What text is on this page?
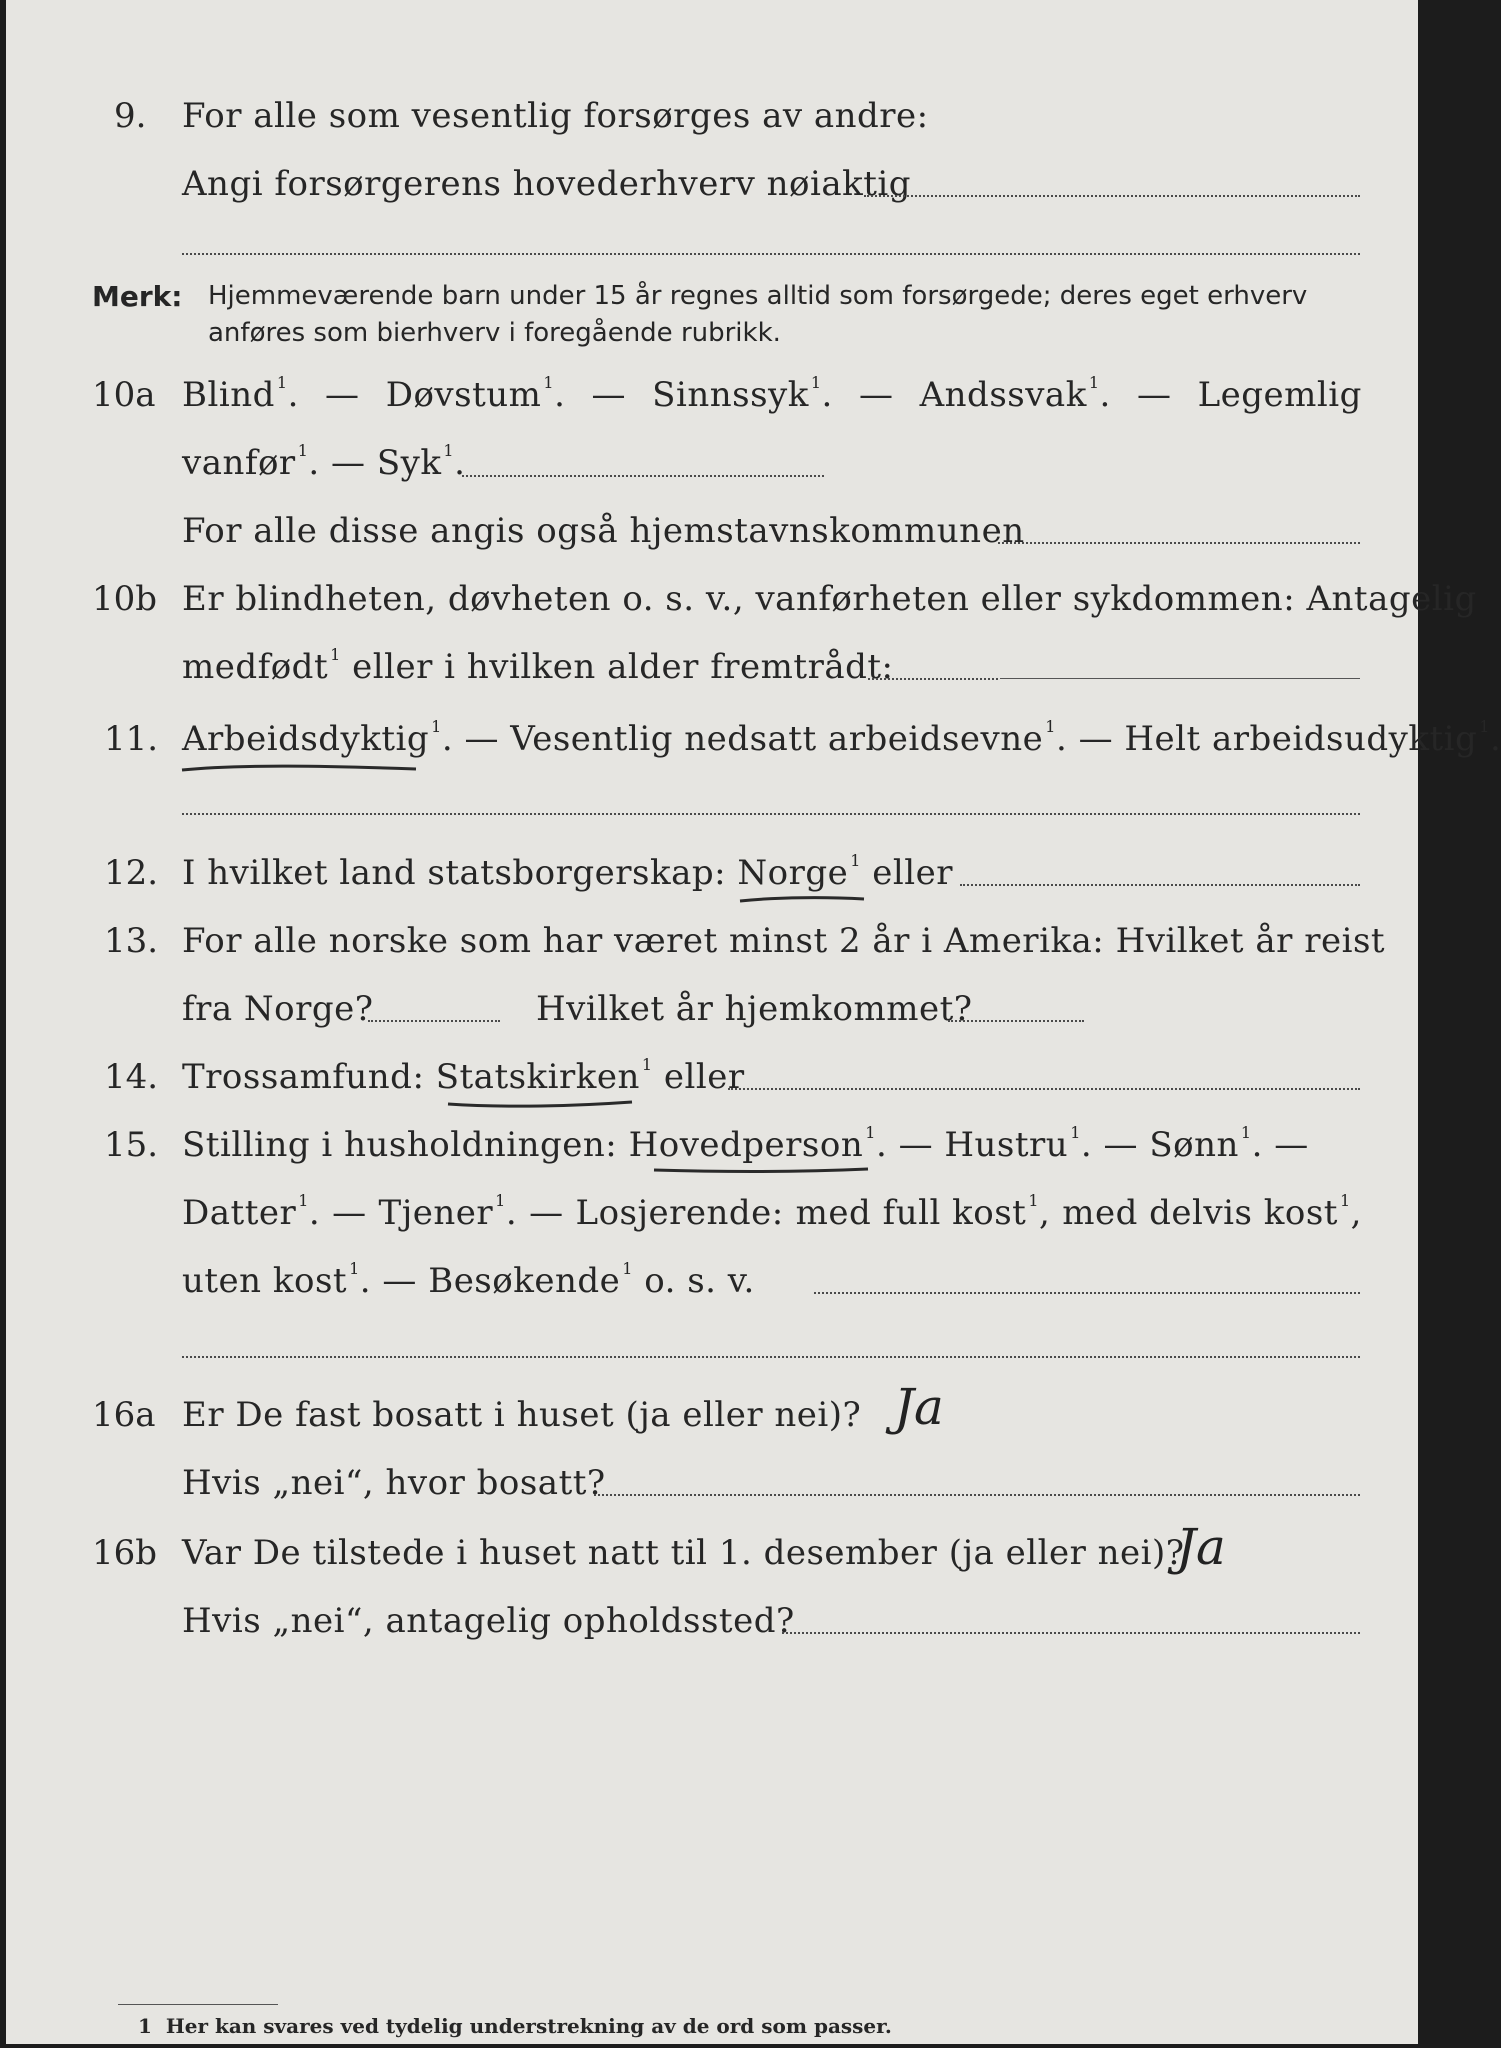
9. For alle som vesentlig forsørges av andre:
Angi forsørgerens hovederhverv nøiaktig
Merk: Hjemmeværende barn under 15 år regnes alltid som forsørgede; deres eget erhverv
anføres som bierhverv i foregående rubrikk.
10a Blind $^1$. — Døvstum $^1$. — Sinnssyk $^1$. — Andssvak $^1$. — Legemlig
vanfør $^1$. — Syk $^1$.
For alle disse angis også hjemstavnskommunen
10b Er blindheten, døvheten o. s. v., vanførheten eller sykdommen: Antagelig
medfødt $^1$ eller i hvilken alder fremtrådt:
11. Arbeidsdyktig $^1$. — Vesentlig nedsatt arbeidsevne $^1$. — Helt arbeidsudyktig $^1$.
12. I hvilket land statsborgerskap: Norge $^1$ eller
13. For alle norske som har været minst 2 år i Amerika: Hvilket år reist
fra Norge?	Hvilket år hjemkommet?
14. Trossamfund: Statskirken $^1$ eller
15. Stilling i husholdningen: Hovedperson $^1$. — Hustru $^1$. — Sønn $^1$. —
Datter $^1$. — Tjener $^1$. — Losjerende: med full kost $^1$, med delvis kost $^1$,
uten kost $^1$. — Besøkende $^1$ o. s. v.
16a Er De fast bosatt i huset (ja eller nei)? Ja
Hvis „nei“, hvor bosatt?
16b Var De tilstede i huset natt til 1. desember (ja eller nei)?
Ja
Hvis „nei“, antagelig opholdssted?
1 Her kan svares ved tydelig understrekning av de ord som passer.
